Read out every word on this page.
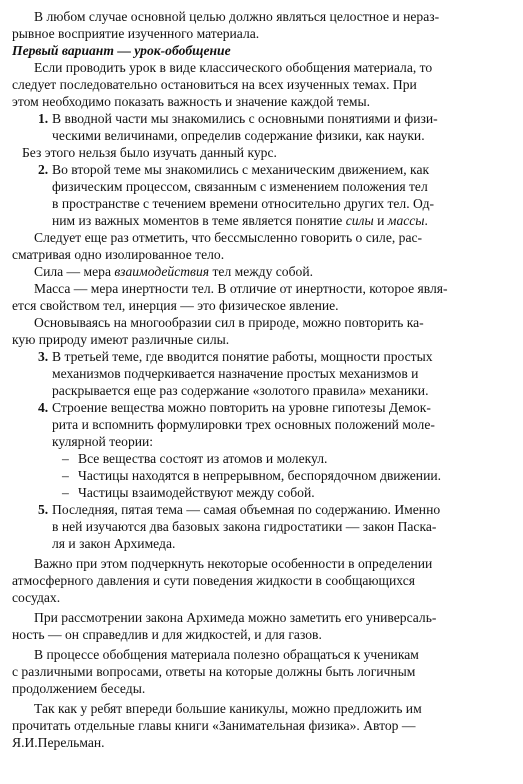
В любом случае основной целью должно являться целостное и нераз-

рывное восприятие изученного материала.

Первый вариант — урок-обобщение

Если проводить урок в виде классического обобщения материала, то

следует последовательно остановиться на всех изученных темах. При

этом необходимо показать важность и значение каждой темы.

1. В вводной части мы знакомились с основными понятиями и физи-

ческими величинами, определив содержание физики, как науки.

Без этого нельзя было изучать данный курс.

2. Во второй теме мы знакомились с механическим движением, как

физическим процессом, связанным с изменением положения тел

в пространстве с течением времени относительно других тел. Од-

ним из важных моментов в теме является понятие силы и массы.

Следует еще раз отметить, что бессмысленно говорить о силе, рас-

сматривая одно изолированное тело.

Сила — мера взаимодействия тел между собой.

Масса — мера инертности тел. В отличие от инертности, которое явля-

ется свойством тел, инерция — это физическое явление.

Основываясь на многообразии сил в природе, можно повторить ка-

кую природу имеют различные силы.

3. В третьей теме, где вводится понятие работы, мощности простых

механизмов подчеркивается назначение простых механизмов и

раскрывается еще раз содержание «золотого правила» механики.

4. Строение вещества можно повторить на уровне гипотезы Демок-

рита и вспомнить формулировки трех основных положений моле-

кулярной теории:

– Все вещества состоят из атомов и молекул.

– Частицы находятся в непрерывном, беспорядочном движении.

– Частицы взаимодействуют между собой.

5. Последняя, пятая тема — самая объемная по содержанию. Именно

в ней изучаются два базовых закона гидростатики — закон Паска-

ля и закон Архимеда.

Важно при этом подчеркнуть некоторые особенности в определении

атмосферного давления и сути поведения жидкости в сообщающихся

сосудах.

При рассмотрении закона Архимеда можно заметить его универсаль-

ность — он справедлив и для жидкостей, и для газов.

В процессе обобщения материала полезно обращаться к ученикам

с различными вопросами, ответы на которые должны быть логичным

продолжением беседы.

Так как у ребят впереди большие каникулы, можно предложить им

прочитать отдельные главы книги «Занимательная физика». Автор —

Я.И.Перельман.
